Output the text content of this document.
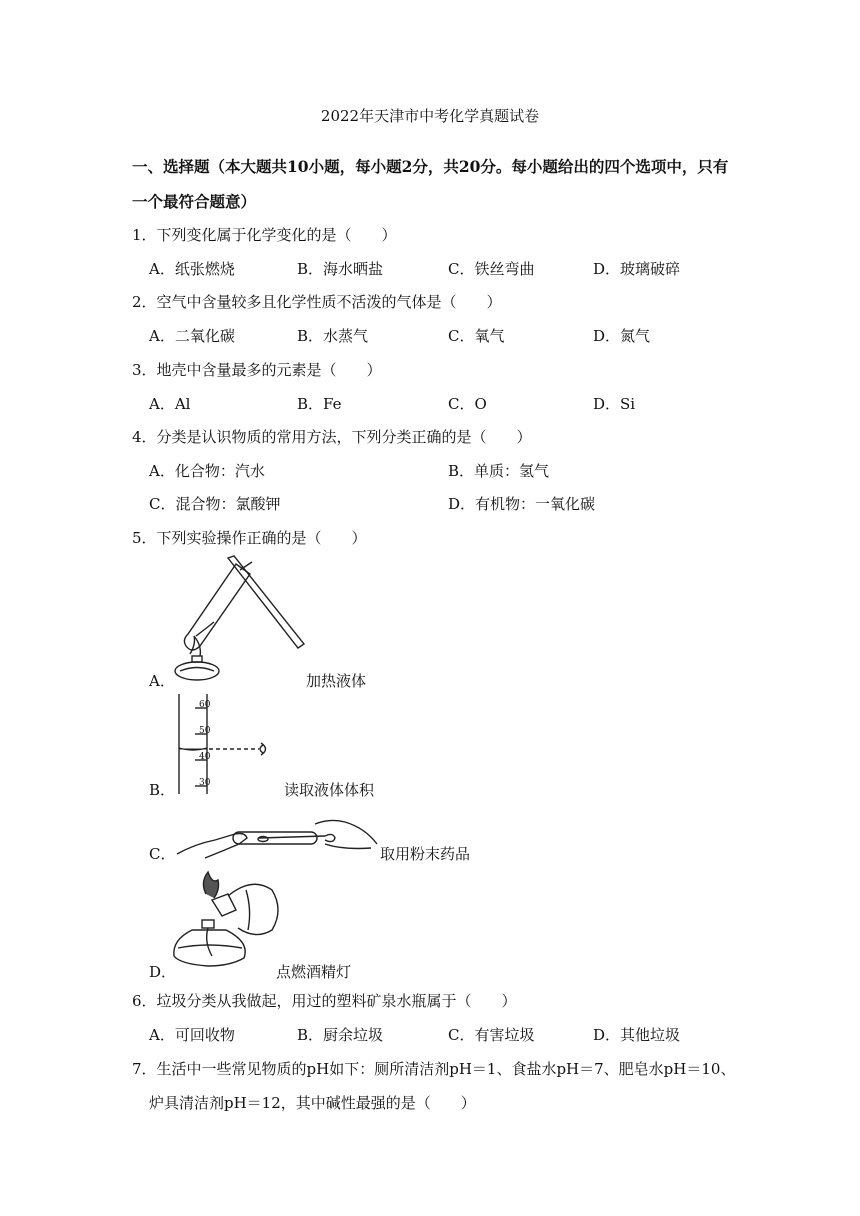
2022年天津市中考化学真题试卷
一、选择题（本大题共10小题，每小题2分，共20分。每小题给出的四个选项中，只有
一个最符合题意）
1．下列变化属于化学变化的是（　　）
A．纸张燃烧	B．海水晒盐	C．铁丝弯曲	D．玻璃破碎
2．空气中含量较多且化学性质不活泼的气体是（　　）
A．二氧化碳	B．水蒸气	C．氧气	D．氮气
3．地壳中含量最多的元素是（　　）
A．Al	B．Fe	C．O	D．Si
4．分类是认识物质的常用方法，下列分类正确的是（　　）
A．化合物：汽水	B．单质：氢气
C．混合物：氯酸钾	D．有机物：一氧化碳
5．下列实验操作正确的是（　　）
A．	加热液体
60
50
40
30
B．	读取液体体积
C．	取用粉末药品
D．	点燃酒精灯
6．垃圾分类从我做起，用过的塑料矿泉水瓶属于（　　）
A．可回收物	B．厨余垃圾	C．有害垃圾	D．其他垃圾
7．生活中一些常见物质的pH如下：厕所清洁剂pH＝1、食盐水pH＝7、肥皂水pH＝10、
炉具清洁剂pH＝12，其中碱性最强的是（　　）
